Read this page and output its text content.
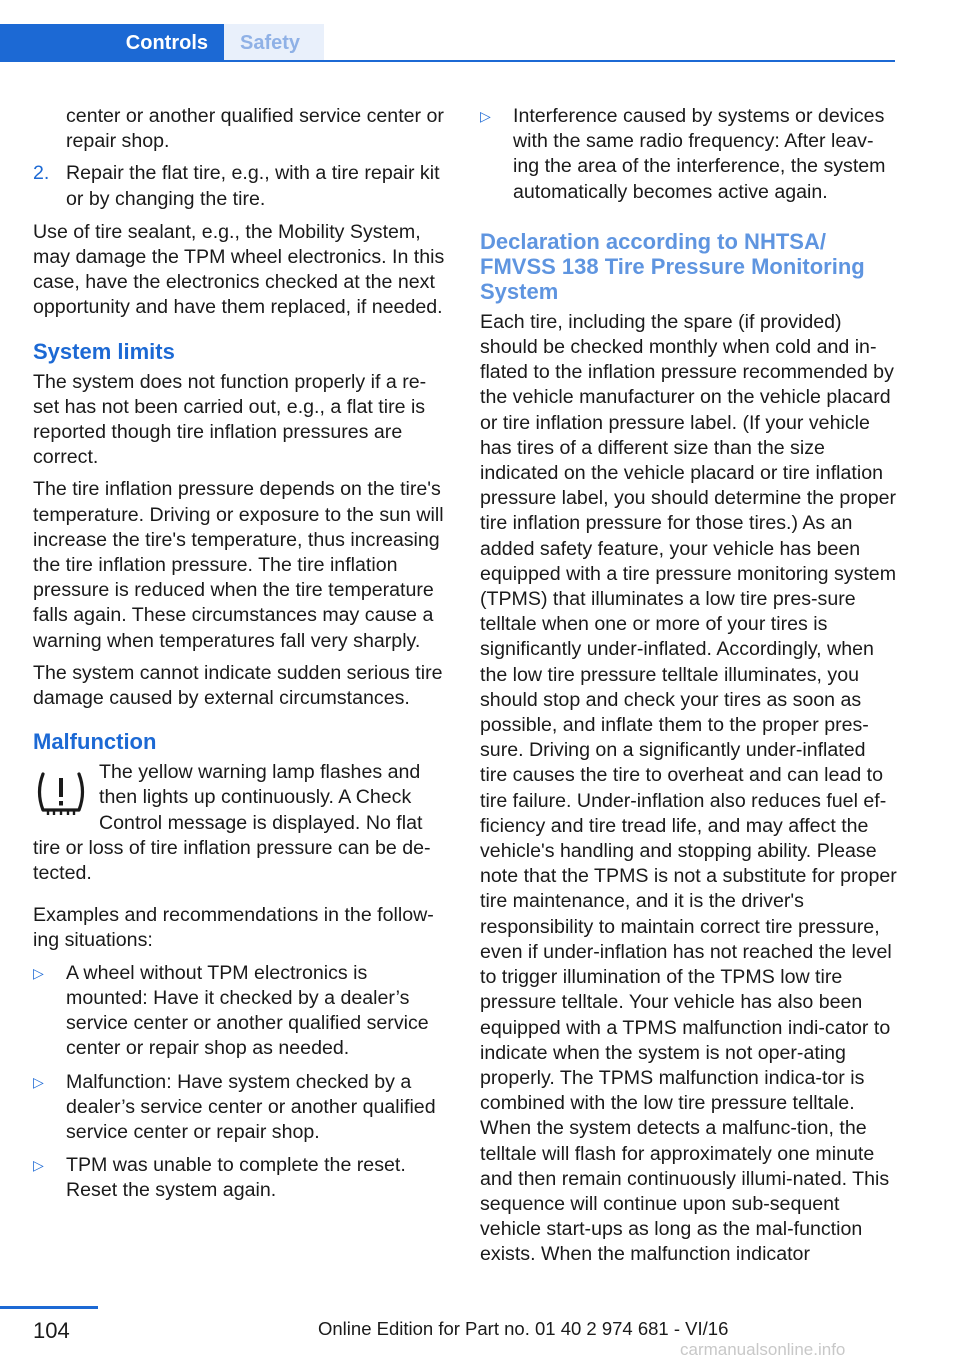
Controls Safety

center or another qualified service center or repair shop.

2. Repair the flat tire, e.g., with a tire repair kit or by changing the tire.

Use of tire sealant, e.g., the Mobility System, may damage the TPM wheel electronics. In this case, have the electronics checked at the next opportunity and have them replaced, if needed.

System limits

The system does not function properly if a re‐set has not been carried out, e.g., a flat tire is reported though tire inflation pressures are correct.

The tire inflation pressure depends on the tire's temperature. Driving or exposure to the sun will increase the tire's temperature, thus increasing the tire inflation pressure. The tire inflation pressure is reduced when the tire temperature falls again. These circumstances may cause a warning when temperatures fall very sharply.

The system cannot indicate sudden serious tire damage caused by external circumstances.

Malfunction

The yellow warning lamp flashes and then lights up continuously. A Check Control message is displayed. No flat tire or loss of tire inflation pressure can be de‐tected.

Examples and recommendations in the follow‐ing situations:

▷	A wheel without TPM electronics is mounted: Have it checked by a dealer’s service center or another qualified service center or repair shop as needed.
▷	Malfunction: Have system checked by a dealer’s service center or another qualified service center or repair shop.
▷	TPM was unable to complete the reset. Reset the system again.
▷	Interference caused by systems or devices with the same radio frequency: After leav‐ing the area of the interference, the system automatically becomes active again.
Declaration according to NHTSA/ FMVSS 138 Tire Pressure Monitoring System

Each tire, including the spare (if provided) should be checked monthly when cold and in‐flated to the inflation pressure recommended by the vehicle manufacturer on the vehicle placard or tire inflation pressure label. (If your vehicle has tires of a different size than the size indicated on the vehicle placard or tire inflation pressure label, you should determine the proper tire inflation pressure for those tires.) As an added safety feature, your vehicle has been equipped with a tire pressure monitoring system (TPMS) that illuminates a low tire pres‐sure telltale when one or more of your tires is significantly under-inflated. Accordingly, when the low tire pressure telltale illuminates, you should stop and check your tires as soon as possible, and inflate them to the proper pres‐sure. Driving on a significantly under-inflated tire causes the tire to overheat and can lead to tire failure. Under-inflation also reduces fuel ef‐ficiency and tire tread life, and may affect the vehicle's handling and stopping ability. Please note that the TPMS is not a substitute for proper tire maintenance, and it is the driver's responsibility to maintain correct tire pressure, even if under-inflation has not reached the level to trigger illumination of the TPMS low tire pressure telltale. Your vehicle has also been equipped with a TPMS malfunction indi‐cator to indicate when the system is not oper‐ating properly. The TPMS malfunction indica‐tor is combined with the low tire pressure telltale. When the system detects a malfunc‐tion, the telltale will flash for approximately one minute and then remain continuously illumi‐nated. This sequence will continue upon sub‐sequent vehicle start-ups as long as the mal‐function exists. When the malfunction indicator

104	Online Edition for Part no. 01 40 2 974 681 - VI/16
carmanualsonline.info
